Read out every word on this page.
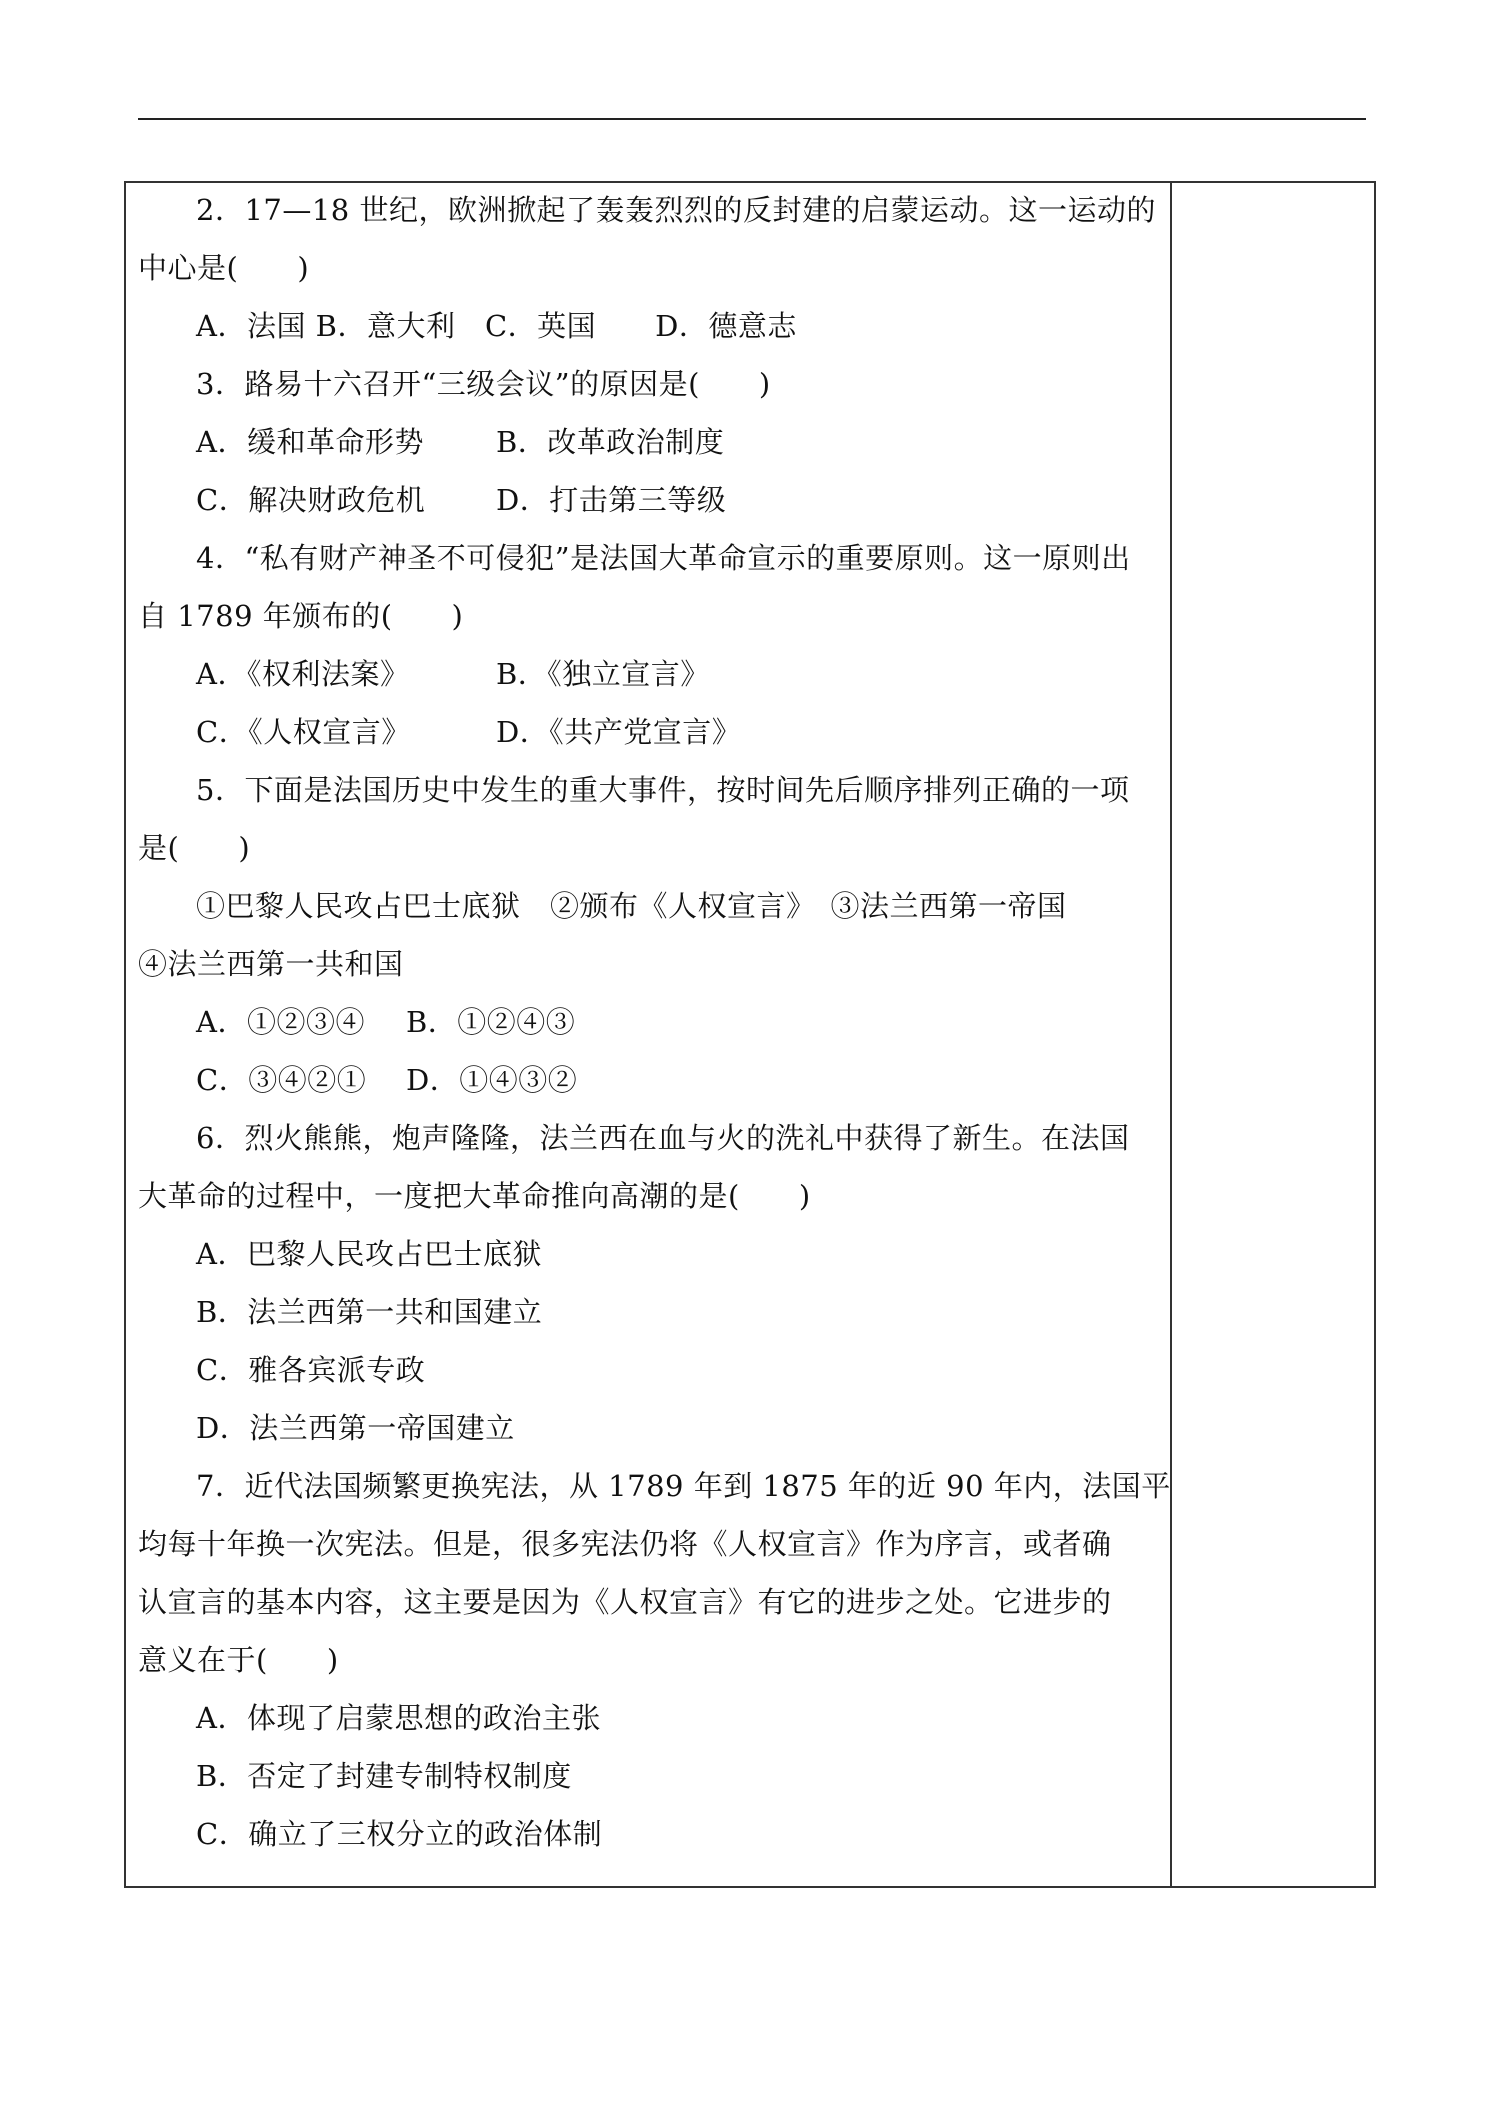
2．17—18 世纪，欧洲掀起了轰轰烈烈的反封建的启蒙运动。这一运动的
中心是(　　)
A．法国 B．意大利　C．英国　　D．德意志
3．路易十六召开“三级会议”的原因是(　　)
A．缓和革命形势 B．改革政治制度
C．解决财政危机 D．打击第三等级
4．“私有财产神圣不可侵犯”是法国大革命宣示的重要原则。这一原则出
自 1789 年颁布的(　　)
A．《权利法案》	B．《独立宣言》
C．《人权宣言》	D．《共产党宣言》
5．下面是法国历史中发生的重大事件，按时间先后顺序排列正确的一项
是(　　)
①巴黎人民攻占巴士底狱　②颁布《人权宣言》　③法兰西第一帝国
④法兰西第一共和国
A．①②③④ B．①②④③
C．③④②① D．①④③②
6．烈火熊熊，炮声隆隆，法兰西在血与火的洗礼中获得了新生。在法国
大革命的过程中，一度把大革命推向高潮的是(　　)
A．巴黎人民攻占巴士底狱
B．法兰西第一共和国建立
C．雅各宾派专政
D．法兰西第一帝国建立
7．近代法国频繁更换宪法，从 1789 年到 1875 年的近 90 年内，法国平
均每十年换一次宪法。但是，很多宪法仍将《人权宣言》作为序言，或者确
认宣言的基本内容，这主要是因为《人权宣言》有它的进步之处。它进步的
意义在于(　　)
A．体现了启蒙思想的政治主张
B．否定了封建专制特权制度
C．确立了三权分立的政治体制
